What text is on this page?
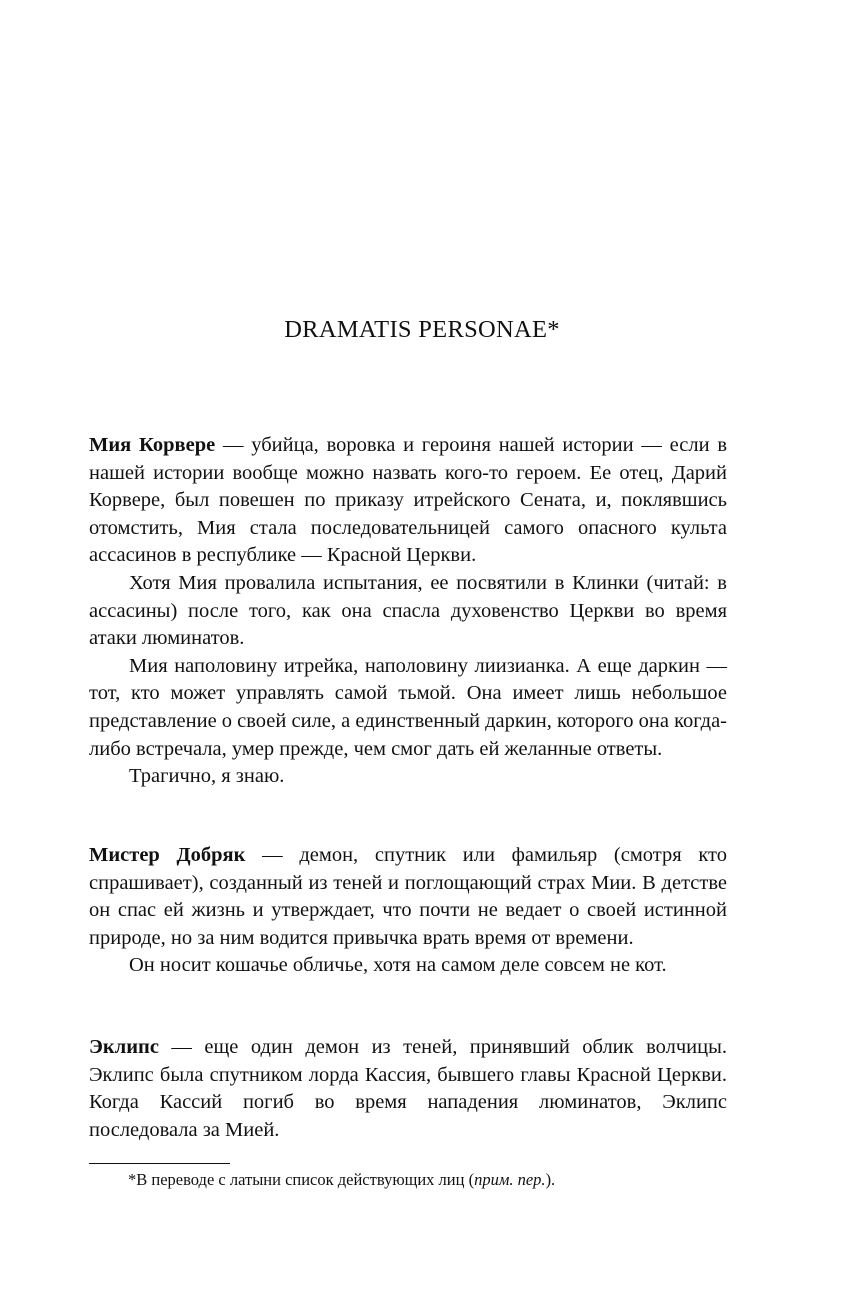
DRAMATIS PERSONAE*

Мия Корвере — убийца, воровка и героиня нашей истории — если в нашей истории вообще можно назвать кого-то героем. Ее отец, Дарий Корвере, был повешен по приказу итрейского Сената, и, поклявшись отомстить, Мия стала последовательницей самого опасного культа ассасинов в республике — Красной Церкви.

Хотя Мия провалила испытания, ее посвятили в Клинки (читай: в ассасины) после того, как она спасла духовенство Церкви во время атаки люминатов.

Мия наполовину итрейка, наполовину лиизианка. А еще даркин — тот, кто может управлять самой тьмой. Она имеет лишь небольшое представление о своей силе, а единственный даркин, которого она когда-либо встречала, умер прежде, чем смог дать ей желанные ответы.

Трагично, я знаю.

Мистер Добряк — демон, спутник или фамильяр (смотря кто спрашивает), созданный из теней и поглощающий страх Мии. В детстве он спас ей жизнь и утверждает, что почти не ведает о своей истинной природе, но за ним водится привычка врать время от времени.

Он носит кошачье обличье, хотя на самом деле совсем не кот.

Эклипс — еще один демон из теней, принявший облик волчицы. Эклипс была спутником лорда Кассия, бывшего главы Красной Церкви. Когда Кассий погиб во время нападения люминатов, Эклипс последовала за Мией.

*В переводе с латыни список действующих лиц (прим. пер.).
